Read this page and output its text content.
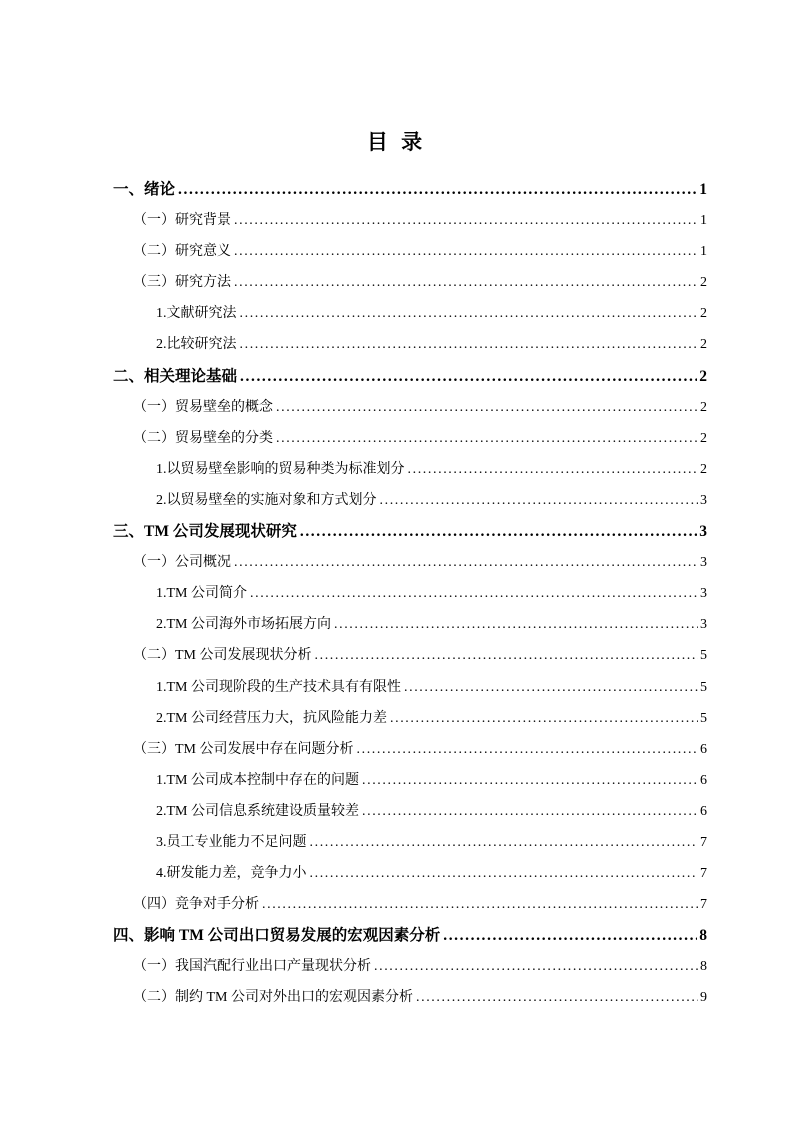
目 录
一、绪论 .....	1
（一）研究背景 .....	1
（二）研究意义 .....	1
（三）研究方法 .....	2
1.文献研究法 .....	2
2.比较研究法 .....	2
二、相关理论基础 .....	2
（一）贸易壁垒的概念 .....	2
（二）贸易壁垒的分类 .....	2
1.以贸易壁垒影响的贸易种类为标准划分 .....	2
2.以贸易壁垒的实施对象和方式划分 .....	3
三、TM 公司发展现状研究 .....	3
（一）公司概况 .....	3
1.TM 公司简介 .....	3
2.TM 公司海外市场拓展方向 .....	3
（二）TM 公司发展现状分析 .....	5
1.TM 公司现阶段的生产技术具有有限性 .....	5
2.TM 公司经营压力大，抗风险能力差 .....	5
（三）TM 公司发展中存在问题分析 .....	6
1.TM 公司成本控制中存在的问题 .....	6
2.TM 公司信息系统建设质量较差 .....	6
3.员工专业能力不足问题 .....	7
4.研发能力差，竞争力小 .....	7
（四）竞争对手分析 .....	7
四、影响 TM 公司出口贸易发展的宏观因素分析 .....	8
（一）我国汽配行业出口产量现状分析 .....	8
（二）制约 TM 公司对外出口的宏观因素分析 .....	9
